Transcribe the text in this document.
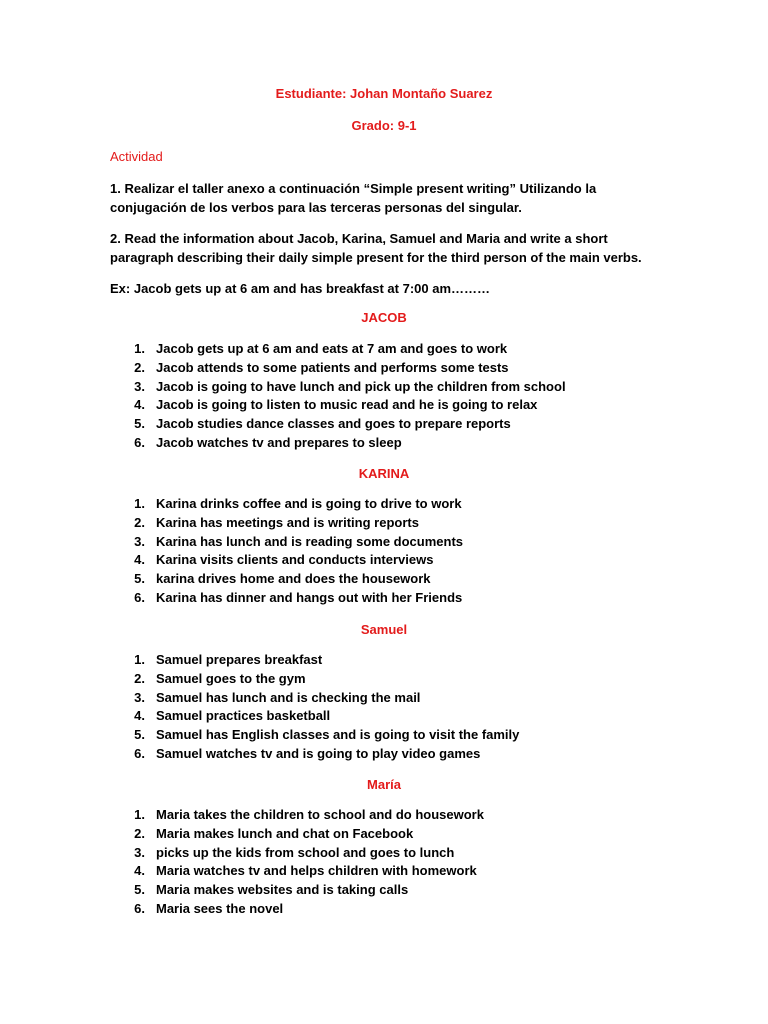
Estudiante: Johan Montaño Suarez
Grado: 9-1
Actividad
1. Realizar el taller anexo a continuación “Simple present writing” Utilizando la conjugación de los verbos para las terceras personas del singular.
2. Read the information about Jacob, Karina, Samuel and Maria and write a short paragraph describing their daily simple present for the third person of the main verbs.
Ex: Jacob gets up at 6 am and has breakfast at 7:00 am………
JACOB
1. Jacob gets up at 6 am and eats at 7 am and goes to work
2. Jacob attends to some patients and performs some tests
3. Jacob is going to have lunch and pick up the children from school
4. Jacob is going to listen to music read and he is going to relax
5. Jacob studies dance classes and goes to prepare reports
6. Jacob watches tv and prepares to sleep
KARINA
1. Karina drinks coffee and is going to drive to work
2. Karina has meetings and is writing reports
3. Karina has lunch and is reading some documents
4. Karina visits clients and conducts interviews
5. karina drives home and does the housework
6. Karina has dinner and hangs out with her Friends
Samuel
1. Samuel prepares breakfast
2. Samuel goes to the gym
3. Samuel has lunch and is checking the mail
4. Samuel practices basketball
5. Samuel has English classes and is going to visit the family
6. Samuel watches tv and is going to play video games
María
1. Maria takes the children to school and do housework
2. Maria makes lunch and chat on Facebook
3. picks up the kids from school and goes to lunch
4. Maria watches tv and helps children with homework
5. Maria makes websites and is taking calls
6. Maria sees the novel
